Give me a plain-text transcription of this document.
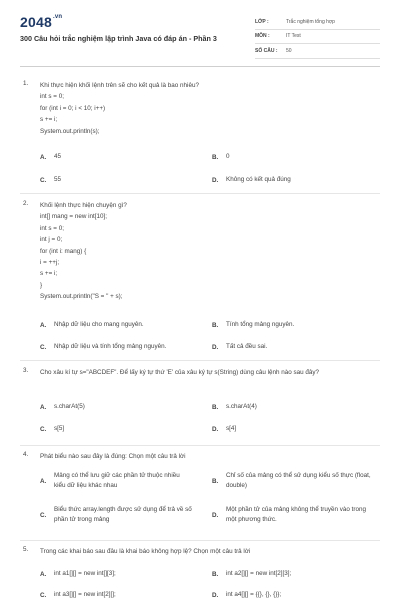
$2048^{.vn}$
300 Câu hỏi trắc nghiệm lập trình Java có đáp án - Phần 3
LỚP :	Trắc nghiệm tổng hợp
MÔN :	IT Test
SỐ CÂU :	50
1. Khi thực hiện khối lệnh trên sẽ cho kết quả là bao nhiêu?
int s = 0;
for (int i = 0; i < 10; i++)
s += i;
System.out.println(s);
A.	45	B.	0
C.	55	D.	Không có kết quả đúng
2. Khối lệnh thực hiện chuyện gì?
int[] mang = new int[10];
int s = 0;
int j = 0;
for (int i: mang) {
i = ++j;
s += i;
}
System.out.println("S = " + s);
A.	Nhập dữ liệu cho mang nguyên.	B.	Tính tổng mảng nguyên.
C.	Nhập dữ liệu và tính tổng mảng nguyên.	D.	Tất cả đều sai.
3. Cho xâu kí tự s="ABCDEF". Để lấy ký tự thứ 'E' của xâu ký tự s(String) dùng câu lệnh nào sau đây?
A.	s.charAt(5)	B.	s.charAt(4)
C.	s[5]	D.	s[4]
4. Phát biểu nào sau đây là đúng: Chọn một câu trả lời
A.
Mảng có thể lưu giữ các phần tử thuộc nhiều kiểu dữ liệu khác nhau
B.
Chỉ số của mảng có thể sử dụng kiểu số thực (float, double)
C.
Biểu thức array.length được sử dụng để trả về số phần tử trong mảng
D.
Một phần tử của mảng không thể truyền vào trong một phương thức.
5. Trong các khai báo sau đâu là khai báo không hợp lệ? Chọn một câu trả lời
A.	int a1[][] = new int[][3];	B.	int a2[][] = new int[2][3];
C.	int a3[][] = new int[2][];	D.	int a4[][] = {{}, {}, {}};
